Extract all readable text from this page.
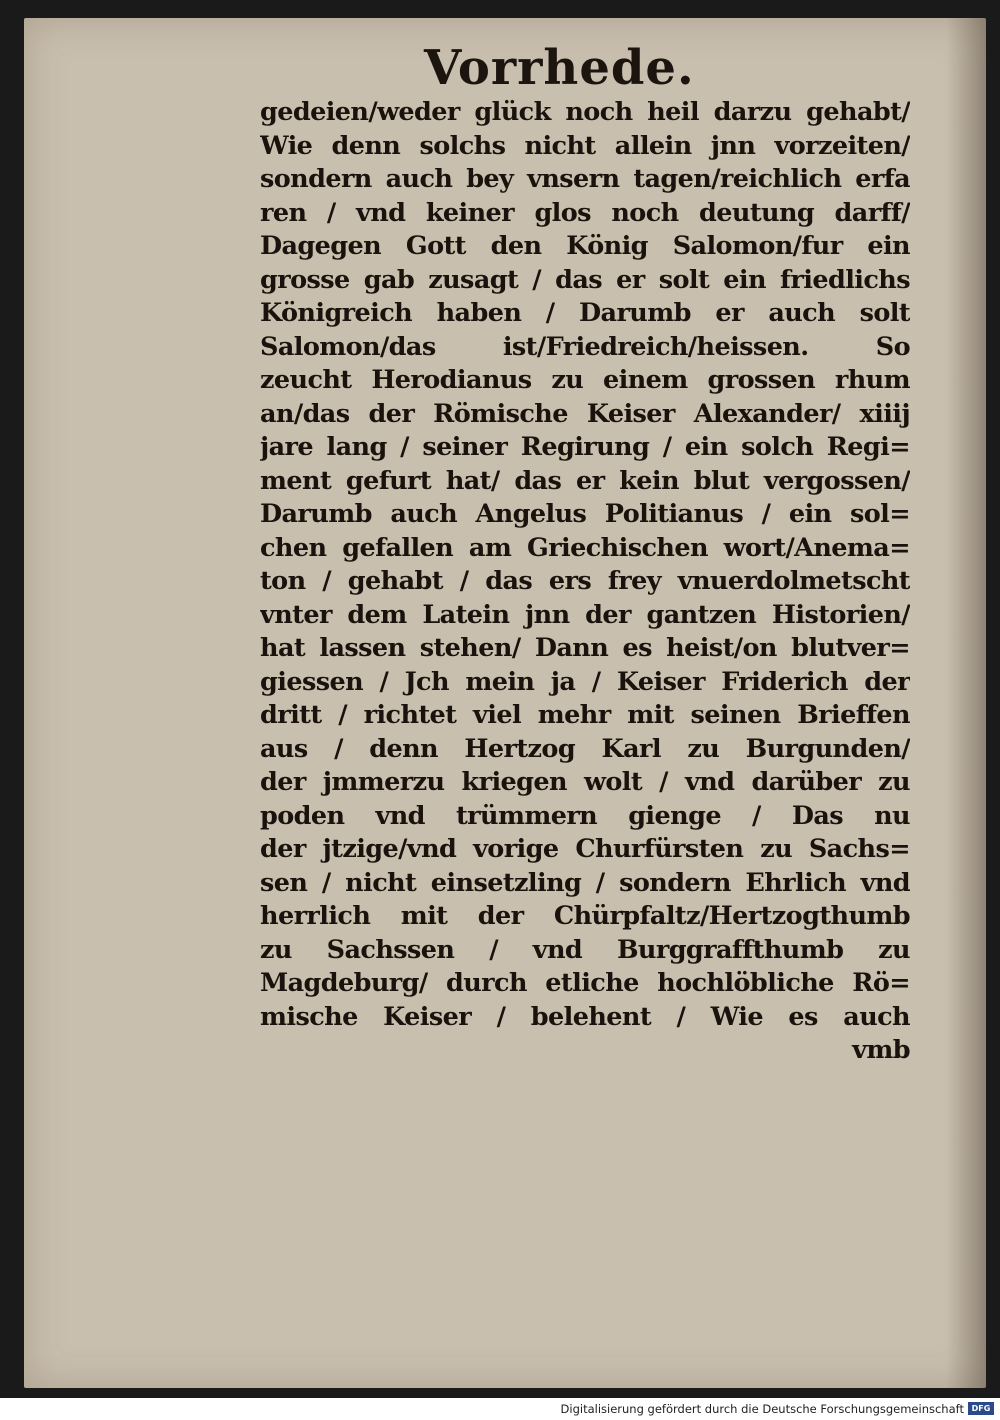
Vorrhede.
gedeien/weder glück noch heil darzu gehabt/
Wie denn solchs nicht allein jnn vorzeiten/
sondern auch bey vnsern tagen/reichlich erfa
ren / vnd keiner glos noch deutung darff/
Dagegen Gott den König Salomon/fur ein
grosse gab zusagt / das er solt ein friedlichs
Königreich haben / Darumb er auch solt
Salomon/das ist/Friedreich/heissen. So
zeucht Herodianus zu einem grossen rhum
an/das der Römische Keiser Alexander/ xiiij
jare lang / seiner Regirung / ein solch Regi=
ment gefurt hat/ das er kein blut vergossen/
Darumb auch Angelus Politianus / ein sol=
chen gefallen am Griechischen wort/Anema=
ton / gehabt / das ers frey vnuerdolmetscht
vnter dem Latein jnn der gantzen Historien/
hat lassen stehen/ Dann es heist/on blutver=
giessen / Jch mein ja / Keiser Friderich der
dritt / richtet viel mehr mit seinen Brieffen
aus / denn Hertzog Karl zu Burgunden/
der jmmerzu kriegen wolt / vnd darüber zu
poden vnd trümmern gienge / Das nu
der jtzige/vnd vorige Churfürsten zu Sachs=
sen / nicht einsetzling / sondern Ehrlich vnd
herrlich mit der Chürpfaltz/Hertzogthumb
zu Sachssen / vnd Burggraffthumb zu
Magdeburg/ durch etliche hochlöbliche Rö=
mische Keiser / belehent / Wie es auch
vmb
Digitalisierung gefördert durch die Deutsche Forschungsgemeinschaft DFG
